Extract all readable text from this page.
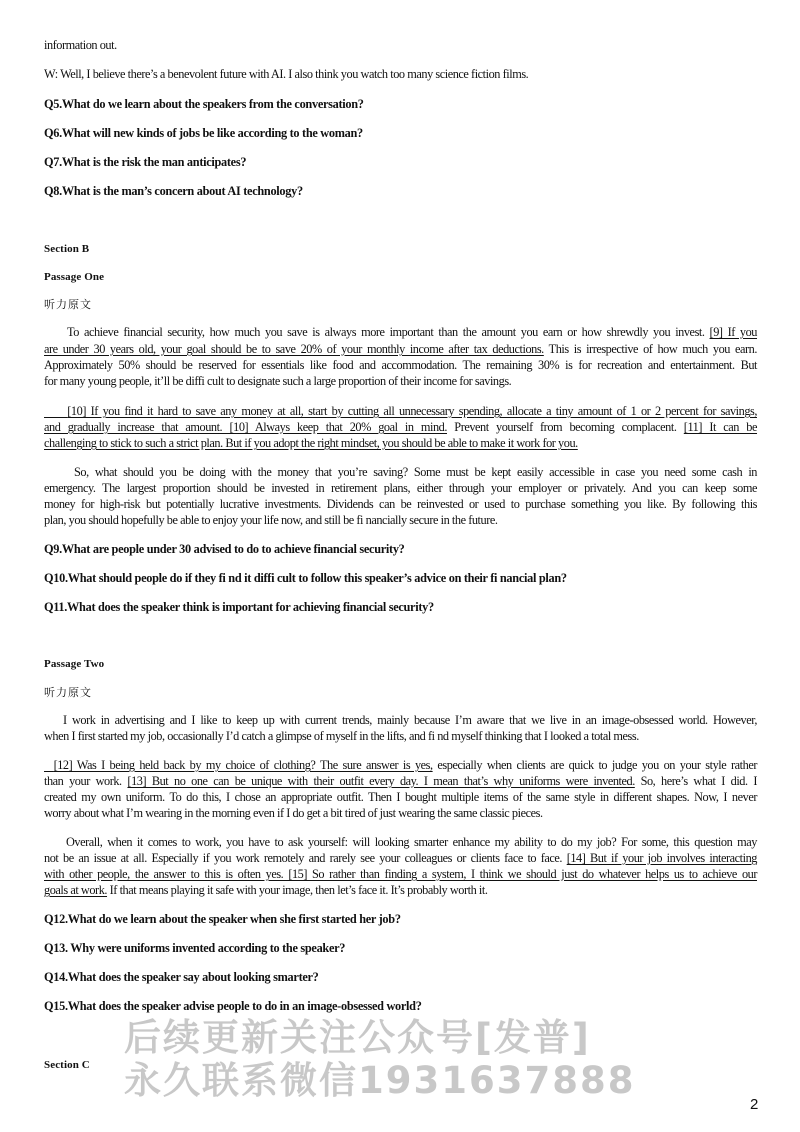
information out.
W: Well, I believe there’s a benevolent future with AI. I also think you watch too many science fiction films.
Q5.What do we learn about the speakers from the conversation?
Q6.What will new kinds of jobs be like according to the woman?
Q7.What is the risk the man anticipates?
Q8.What is the man’s concern about AI technology?
Section B
Passage One
听力原文
To achieve financial security, how much you save is always more important than the amount you earn or how shrewdly you invest. [9] If you
are under 30 years old, your goal should be to save 20% of your monthly income after tax deductions. This is irrespective of how much you earn.
Approximately 50% should be reserved for essentials like food and accommodation. The remaining 30% is for recreation and entertainment. But
for many young people, it’ll be diffi cult to designate such a large proportion of their income for savings.
[10] If you find it hard to save any money at all, start by cutting all unnecessary spending, allocate a tiny amount of 1 or 2 percent for savings,
and gradually increase that amount. [10] Always keep that 20% goal in mind. Prevent yourself from becoming complacent. [11] It can be
challenging to stick to such a strict plan. But if you adopt the right mindset, you should be able to make it work for you.
So, what should you be doing with the money that you’re saving? Some must be kept easily accessible in case you need some cash in
emergency. The largest proportion should be invested in retirement plans, either through your employer or privately. And you can keep some
money for high-risk but potentially lucrative investments. Dividends can be reinvested or used to purchase something you like. By following this
plan, you should hopefully be able to enjoy your life now, and still be fi nancially secure in the future.
Q9.What are people under 30 advised to do to achieve financial security?
Q10.What should people do if they fi nd it diffi cult to follow this speaker’s advice on their fi nancial plan?
Q11.What does the speaker think is important for achieving financial security?
Passage Two
听力原文
I work in advertising and I like to keep up with current trends, mainly because I’m aware that we live in an image-obsessed world. However,
when I first started my job, occasionally I’d catch a glimpse of myself in the lifts, and fi nd myself thinking that I looked a total mess.
[12] Was I being held back by my choice of clothing? The sure answer is yes, especially when clients are quick to judge you on your style rather
than your work. [13] But no one can be unique with their outfit every day. I mean that’s why uniforms were invented. So, here’s what I did. I
created my own uniform. To do this, I chose an appropriate outfit. Then I bought multiple items of the same style in different shapes. Now, I never
worry about what I’m wearing in the morning even if I do get a bit tired of just wearing the same classic pieces.
Overall, when it comes to work, you have to ask yourself: will looking smarter enhance my ability to do my job? For some, this question may
not be an issue at all. Especially if you work remotely and rarely see your colleagues or clients face to face. [14] But if your job involves interacting
with other people, the answer to this is often yes. [15] So rather than finding a system, I think we should just do whatever helps us to achieve our
goals at work. If that means playing it safe with your image, then let’s face it. It’s probably worth it.
Q12.What do we learn about the speaker when she first started her job?
Q13. Why were uniforms invented according to the speaker?
Q14.What does the speaker say about looking smarter?
Q15.What does the speaker advise people to do in an image-obsessed world?
Section C
后续更新关注公众号[发普]
永久联系微信1931637888
2
